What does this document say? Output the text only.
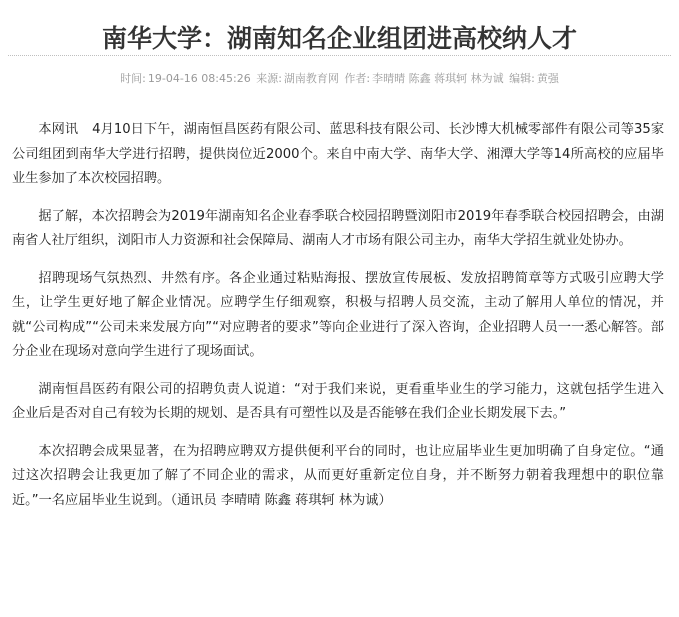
南华大学：湖南知名企业组团进高校纳人才
时间: 19-04-16 08:45:26 来源: 湖南教育网 作者: 李晴晴 陈鑫 蒋琪轲 林为诚 编辑: 黄强

本网讯 4月10日下午，湖南恒昌医药有限公司、蓝思科技有限公司、长沙博大机械零部件有限公司等35家公司组团到南华大学进行招聘，提供岗位近2000个。来自中南大学、南华大学、湘潭大学等14所高校的应届毕业生参加了本次校园招聘。

据了解，本次招聘会为2019年湖南知名企业春季联合校园招聘暨浏阳市2019年春季联合校园招聘会，由湖南省人社厅组织，浏阳市人力资源和社会保障局、湖南人才市场有限公司主办，南华大学招生就业处协办。

招聘现场气氛热烈、井然有序。各企业通过粘贴海报、摆放宣传展板、发放招聘简章等方式吸引应聘大学生，让学生更好地了解企业情况。应聘学生仔细观察，积极与招聘人员交流，主动了解用人单位的情况，并就“公司构成”“公司未来发展方向”“对应聘者的要求”等向企业进行了深入咨询，企业招聘人员一一悉心解答。部分企业在现场对意向学生进行了现场面试。

湖南恒昌医药有限公司的招聘负责人说道：“对于我们来说，更看重毕业生的学习能力，这就包括学生进入企业后是否对自己有较为长期的规划、是否具有可塑性以及是否能够在我们企业长期发展下去。”

本次招聘会成果显著，在为招聘应聘双方提供便利平台的同时，也让应届毕业生更加明确了自身定位。“通过这次招聘会让我更加了解了不同企业的需求，从而更好重新定位自身，并不断努力朝着我理想中的职位靠近。”一名应届毕业生说到。（通讯员 李晴晴 陈鑫 蒋琪轲 林为诚）
